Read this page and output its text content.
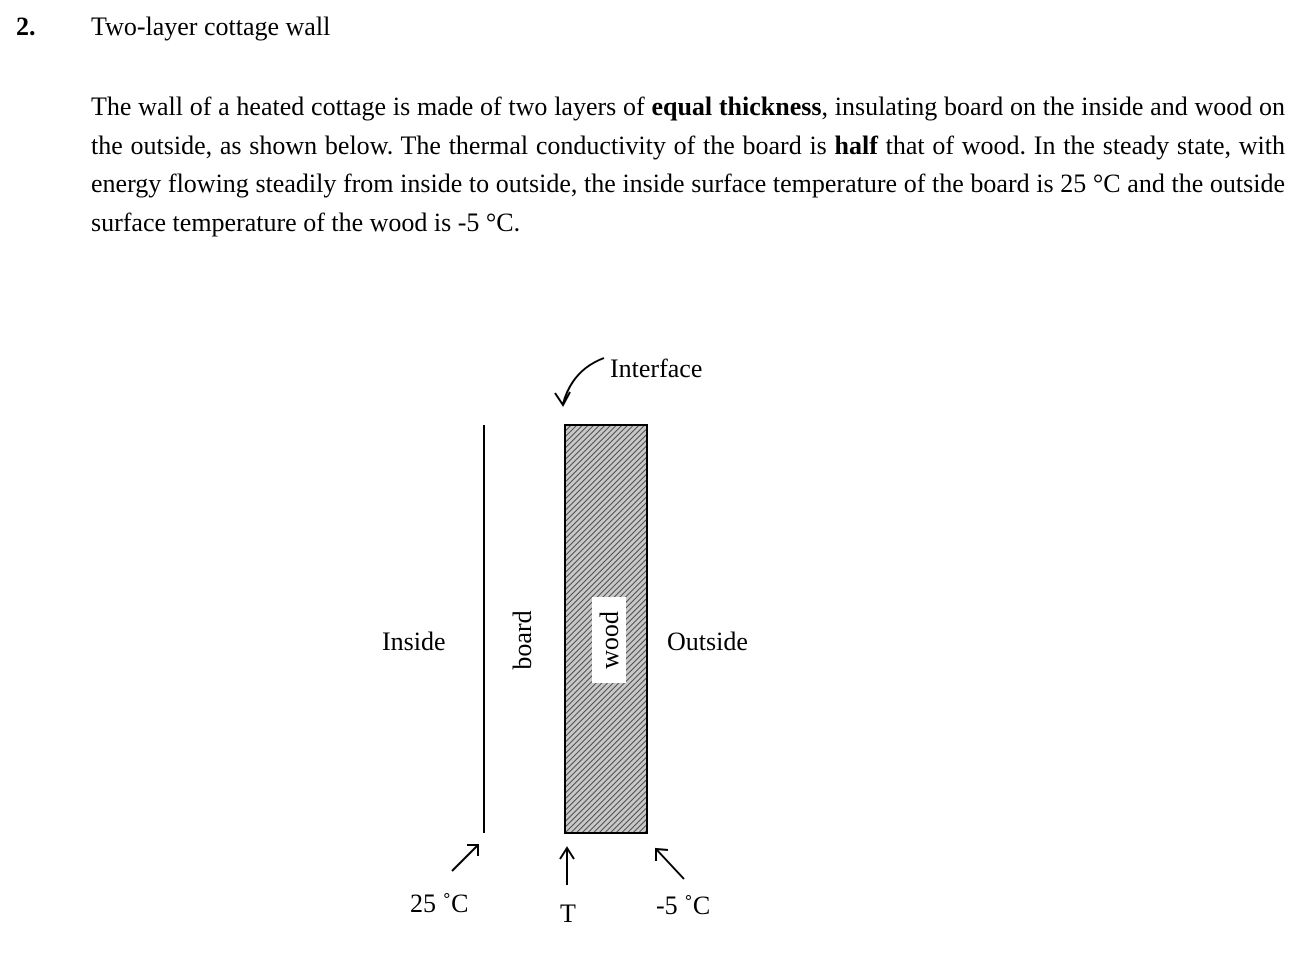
2. Two-layer cottage wall
The wall of a heated cottage is made of two layers of equal thickness, insulating board on the inside and wood on the outside, as shown below. The thermal conductivity of the board is half that of wood. In the steady state, with energy flowing steadily from inside to outside, the inside surface temperature of the board is 25 °C and the outside surface temperature of the wood is -5 °C.
wood
board
Inside	Outside
Interface
25 ˚C	T	-5 ˚C
